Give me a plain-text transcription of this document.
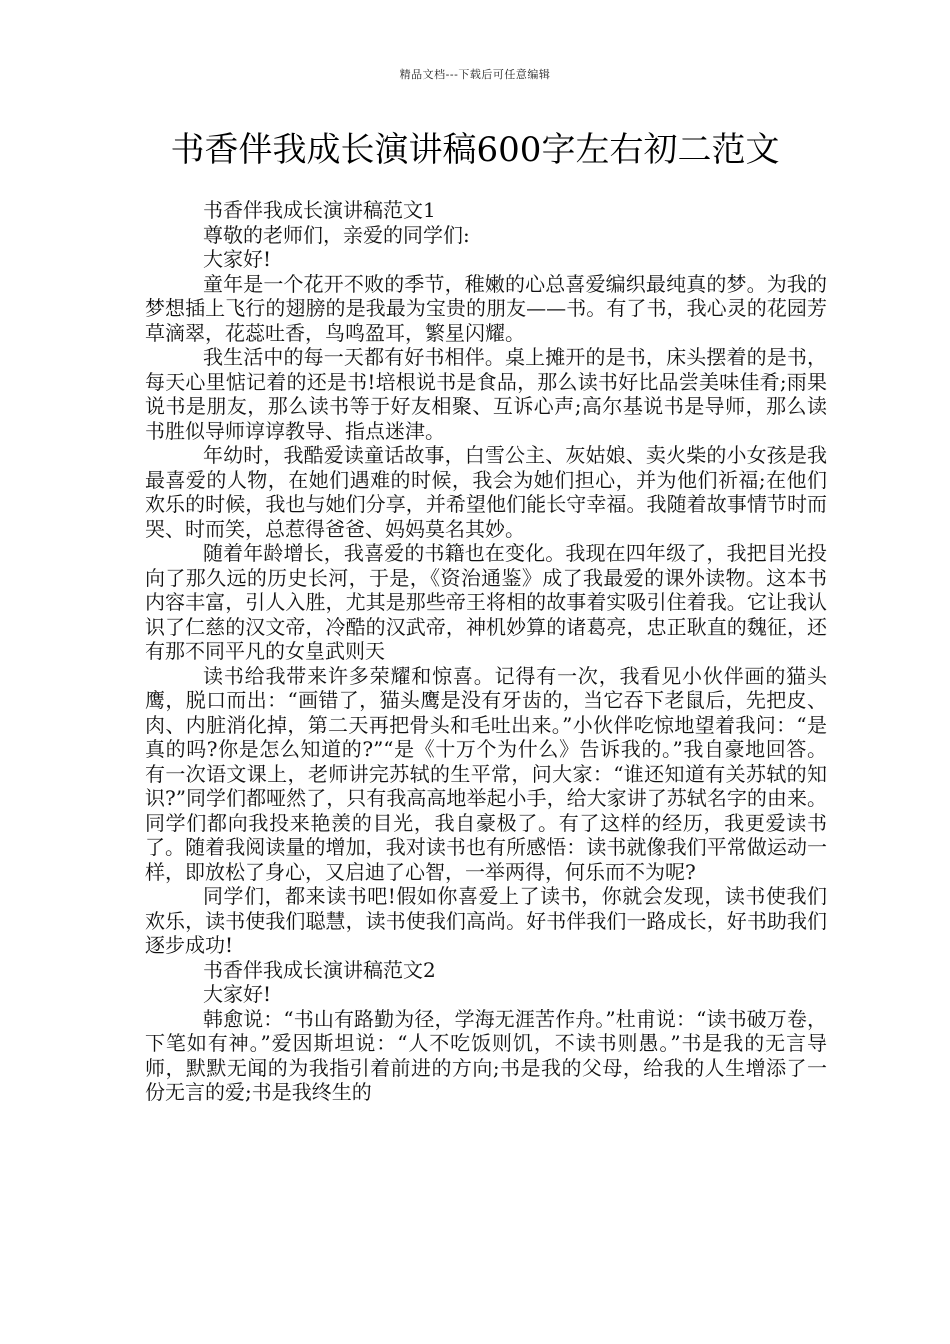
精品文档---下载后可任意编辑
书香伴我成长演讲稿600字左右初二范文

书香伴我成长演讲稿范文1

尊敬的老师们，亲爱的同学们:

大家好!

童年是一个花开不败的季节，稚嫩的心总喜爱编织最纯真的梦。为我的梦想插上飞行的翅膀的是我最为宝贵的朋友——书。有了书，我心灵的花园芳草滴翠，花蕊吐香，鸟鸣盈耳，繁星闪耀。

我生活中的每一天都有好书相伴。桌上摊开的是书，床头摆着的是书，每天心里惦记着的还是书!培根说书是食品，那么读书好比品尝美味佳肴;雨果说书是朋友，那么读书等于好友相聚、互诉心声;高尔基说书是导师，那么读书胜似导师谆谆教导、指点迷津。

年幼时，我酷爱读童话故事，白雪公主、灰姑娘、卖火柴的小女孩是我最喜爱的人物，在她们遇难的时候，我会为她们担心，并为他们祈福;在他们欢乐的时候，我也与她们分享，并希望他们能长守幸福。我随着故事情节时而哭、时而笑，总惹得爸爸、妈妈莫名其妙。

随着年龄增长，我喜爱的书籍也在变化。我现在四年级了，我把目光投向了那久远的历史长河，于是，《资治通鉴》成了我最爱的课外读物。这本书内容丰富，引人入胜，尤其是那些帝王将相的故事着实吸引住着我。它让我认识了仁慈的汉文帝，冷酷的汉武帝，神机妙算的诸葛亮，忠正耿直的魏征，还有那不同平凡的女皇武则天

读书给我带来许多荣耀和惊喜。记得有一次，我看见小伙伴画的猫头鹰，脱口而出：“画错了，猫头鹰是没有牙齿的，当它吞下老鼠后，先把皮、肉、内脏消化掉，第二天再把骨头和毛吐出来。”小伙伴吃惊地望着我问：“是真的吗?你是怎么知道的?”“是《十万个为什么》告诉我的。”我自豪地回答。有一次语文课上，老师讲完苏轼的生平常，问大家：“谁还知道有关苏轼的知识?”同学们都哑然了，只有我高高地举起小手，给大家讲了苏轼名字的由来。同学们都向我投来艳羡的目光，我自豪极了。有了这样的经历，我更爱读书了。随着我阅读量的增加，我对读书也有所感悟：读书就像我们平常做运动一样，即放松了身心，又启迪了心智，一举两得，何乐而不为呢?

同学们，都来读书吧!假如你喜爱上了读书，你就会发现，读书使我们欢乐，读书使我们聪慧，读书使我们高尚。好书伴我们一路成长，好书助我们逐步成功!

书香伴我成长演讲稿范文2

大家好!

韩愈说：“书山有路勤为径，学海无涯苦作舟。”杜甫说：“读书破万卷，下笔如有神。”爱因斯坦说：“人不吃饭则饥，不读书则愚。”书是我的无言导师，默默无闻的为我指引着前进的方向;书是我的父母，给我的人生增添了一份无言的爱;书是我终生的
